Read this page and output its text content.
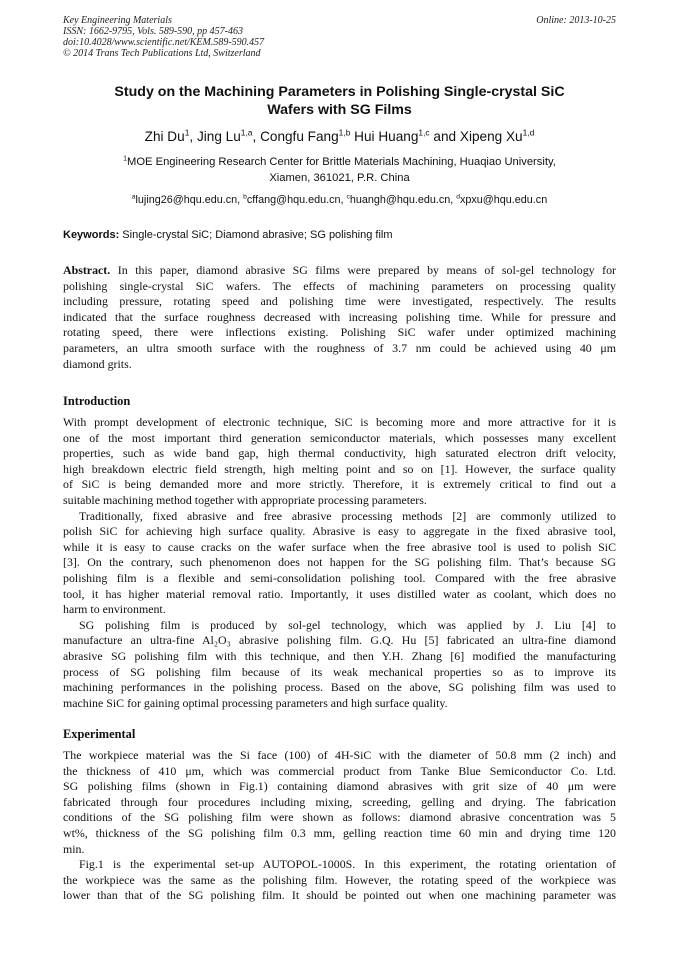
Key Engineering Materials
ISSN: 1662-9795, Vols. 589-590, pp 457-463
doi:10.4028/www.scientific.net/KEM.589-590.457
© 2014 Trans Tech Publications Ltd, Switzerland
Online: 2013-10-25
Study on the Machining Parameters in Polishing Single-crystal SiC
Wafers with SG Films
Zhi Du$^1$, Jing Lu$^{1,a}$, Congfu Fang$^{1,b}$ Hui Huang$^{1,c}$ and Xipeng Xu$^{1,d}$
$^1$MOE Engineering Research Center for Brittle Materials Machining, Huaqiao University,
Xiamen, 361021, P.R. China
$^a$lujing26@hqu.edu.cn, $^b$cffang@hqu.edu.cn, $^c$huangh@hqu.edu.cn, $^d$xpxu@hqu.edu.cn
Keywords: Single-crystal SiC; Diamond abrasive; SG polishing film
Abstract. In this paper, diamond abrasive SG films were prepared by means of sol-gel technology for
polishing single-crystal SiC wafers. The effects of machining parameters on processing quality
including pressure, rotating speed and polishing time were investigated, respectively. The results
indicated that the surface roughness decreased with increasing polishing time. While for pressure and
rotating speed, there were inflections existing. Polishing SiC wafer under optimized machining
parameters, an ultra smooth surface with the roughness of 3.7 nm could be achieved using 40 μm
diamond grits.
Introduction
With prompt development of electronic technique, SiC is becoming more and more attractive for it is
one of the most important third generation semiconductor materials, which possesses many excellent
properties, such as wide band gap, high thermal conductivity, high saturated electron drift velocity,
high breakdown electric field strength, high melting point and so on [1]. However, the surface quality
of SiC is being demanded more and more strictly. Therefore, it is extremely critical to find out a
suitable machining method together with appropriate processing parameters.
Traditionally, fixed abrasive and free abrasive processing methods [2] are commonly utilized to
polish SiC for achieving high surface quality. Abrasive is easy to aggregate in the fixed abrasive tool,
while it is easy to cause cracks on the wafer surface when the free abrasive tool is used to polish SiC
[3]. On the contrary, such phenomenon does not happen for the SG polishing film. That’s because SG
polishing film is a flexible and semi-consolidation polishing tool. Compared with the free abrasive
tool, it has higher material removal ratio. Importantly, it uses distilled water as coolant, which does no
harm to environment.
SG polishing film is produced by sol-gel technology, which was applied by J. Liu [4] to
manufacture an ultra-fine Al₂O₃ abrasive polishing film. G.Q. Hu [5] fabricated an ultra-fine diamond
abrasive SG polishing film with this technique, and then Y.H. Zhang [6] modified the manufacturing
process of SG polishing film because of its weak mechanical properties so as to improve its
machining performances in the polishing process. Based on the above, SG polishing film was used to
machine SiC for gaining optimal processing parameters and high surface quality.
Experimental
The workpiece material was the Si face (100) of 4H-SiC with the diameter of 50.8 mm (2 inch) and
the thickness of 410 μm, which was commercial product from Tanke Blue Semiconductor Co. Ltd.
SG polishing films (shown in Fig.1) containing diamond abrasives with grit size of 40 μm were
fabricated through four procedures including mixing, screeding, gelling and drying. The fabrication
conditions of the SG polishing film were shown as follows: diamond abrasive concentration was 5
wt%, thickness of the SG polishing film 0.3 mm, gelling reaction time 60 min and drying time 120
min.
Fig.1 is the experimental set-up AUTOPOL-1000S. In this experiment, the rotating orientation of
the workpiece was the same as the polishing film. However, the rotating speed of the workpiece was
lower than that of the SG polishing film. It should be pointed out when one machining parameter was
